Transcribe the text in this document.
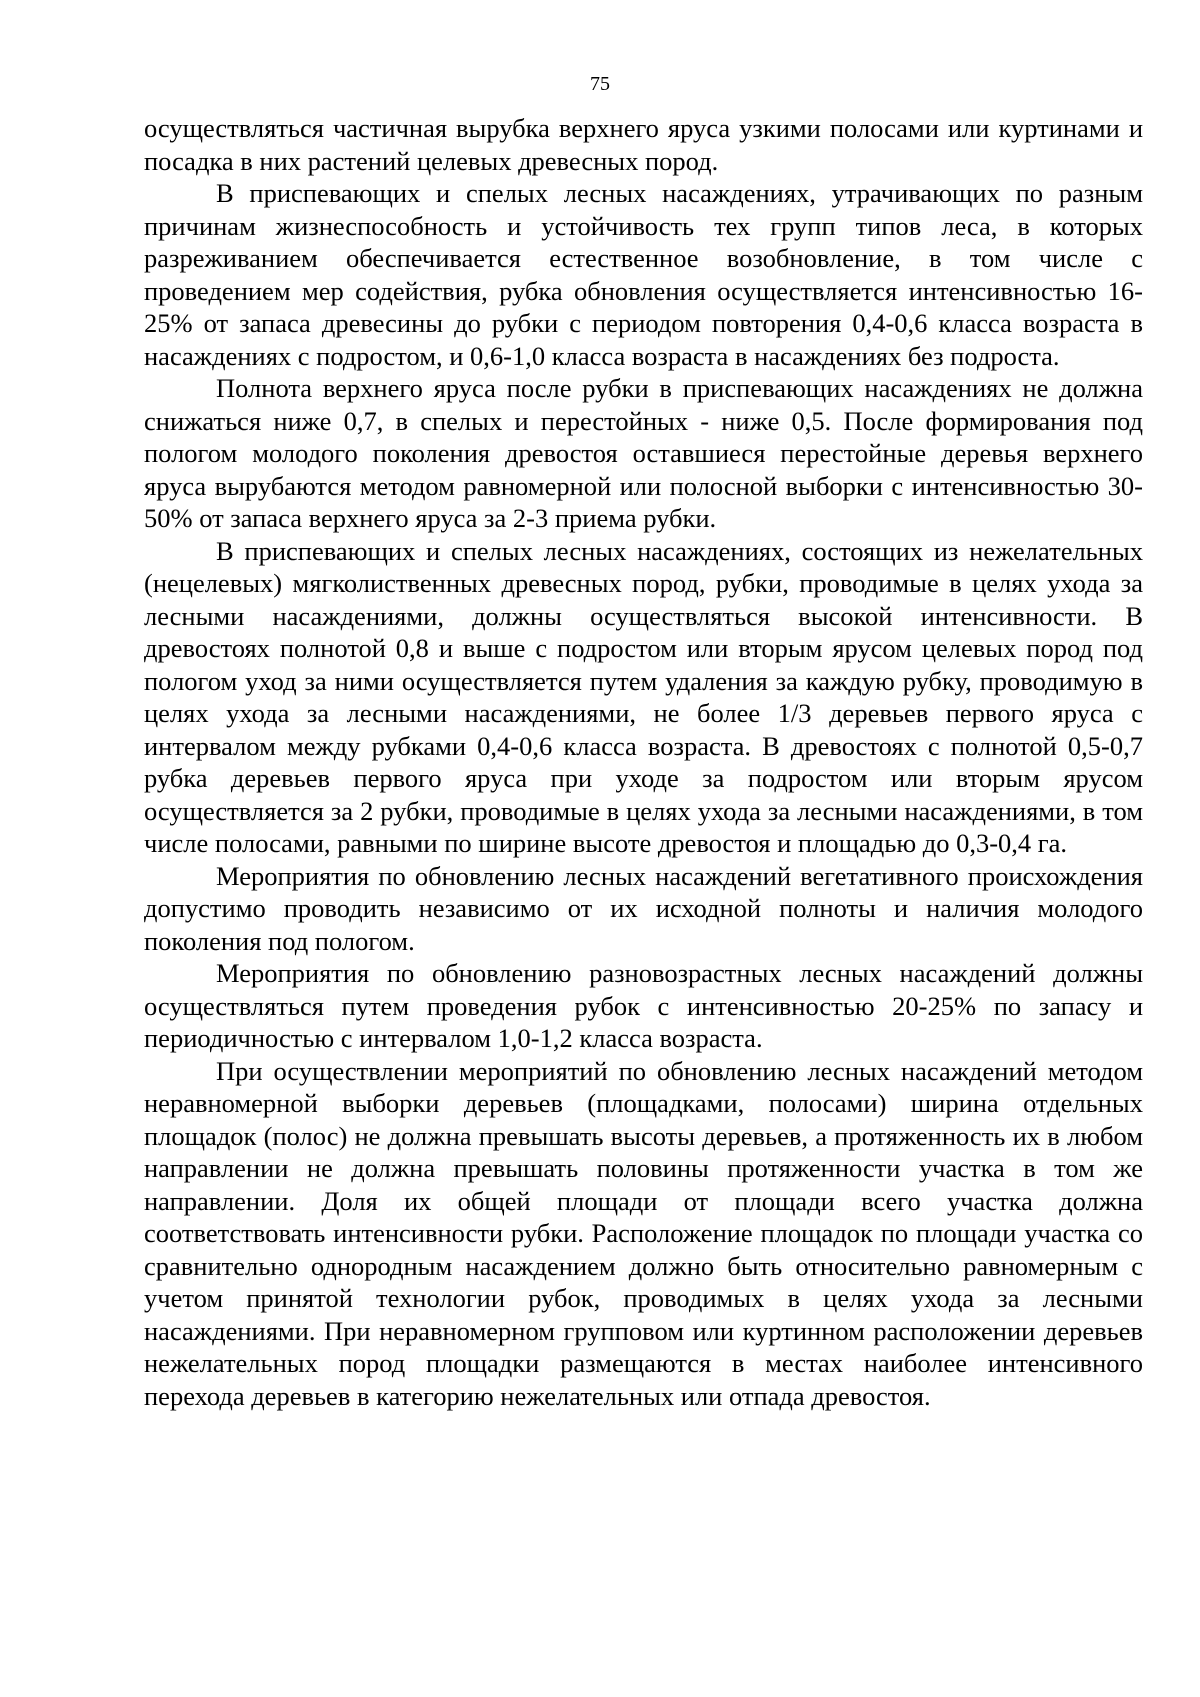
75

осуществляться частичная вырубка верхнего яруса узкими полосами или куртинами и посадка в них растений целевых древесных пород.

В приспевающих и спелых лесных насаждениях, утрачивающих по разным причинам жизнеспособность и устойчивость тех групп типов леса, в которых разреживанием обеспечивается естественное возобновление, в том числе с проведением мер содействия, рубка обновления осуществляется интенсивностью 16-25% от запаса древесины до рубки с периодом повторения 0,4-0,6 класса возраста в насаждениях с подростом, и 0,6-1,0 класса возраста в насаждениях без подроста.

Полнота верхнего яруса после рубки в приспевающих насаждениях не должна снижаться ниже 0,7, в спелых и перестойных - ниже 0,5. После формирования под пологом молодого поколения древостоя оставшиеся перестойные деревья верхнего яруса вырубаются методом равномерной или полосной выборки с интенсивностью 30-50% от запаса верхнего яруса за 2-3 приема рубки.

В приспевающих и спелых лесных насаждениях, состоящих из нежелательных (нецелевых) мягколиственных древесных пород, рубки, проводимые в целях ухода за лесными насаждениями, должны осуществляться высокой интенсивности. В древостоях полнотой 0,8 и выше с подростом или вторым ярусом целевых пород под пологом уход за ними осуществляется путем удаления за каждую рубку, проводимую в целях ухода за лесными насаждениями, не более 1/3 деревьев первого яруса с интервалом между рубками 0,4-0,6 класса возраста. В древостоях с полнотой 0,5-0,7 рубка деревьев первого яруса при уходе за подростом или вторым ярусом осуществляется за 2 рубки, проводимые в целях ухода за лесными насаждениями, в том числе полосами, равными по ширине высоте древостоя и площадью до 0,3-0,4 га.

Мероприятия по обновлению лесных насаждений вегетативного происхождения допустимо проводить независимо от их исходной полноты и наличия молодого поколения под пологом.

Мероприятия по обновлению разновозрастных лесных насаждений должны осуществляться путем проведения рубок с интенсивностью 20-25% по запасу и периодичностью с интервалом 1,0-1,2 класса возраста.

При осуществлении мероприятий по обновлению лесных насаждений методом неравномерной выборки деревьев (площадками, полосами) ширина отдельных площадок (полос) не должна превышать высоты деревьев, а протяженность их в любом направлении не должна превышать половины протяженности участка в том же направлении. Доля их общей площади от площади всего участка должна соответствовать интенсивности рубки. Расположение площадок по площади участка со сравнительно однородным насаждением должно быть относительно равномерным с учетом принятой технологии рубок, проводимых в целях ухода за лесными насаждениями. При неравномерном групповом или куртинном расположении деревьев нежелательных пород площадки размещаются в местах наиболее интенсивного перехода деревьев в категорию нежелательных или отпада древостоя.
